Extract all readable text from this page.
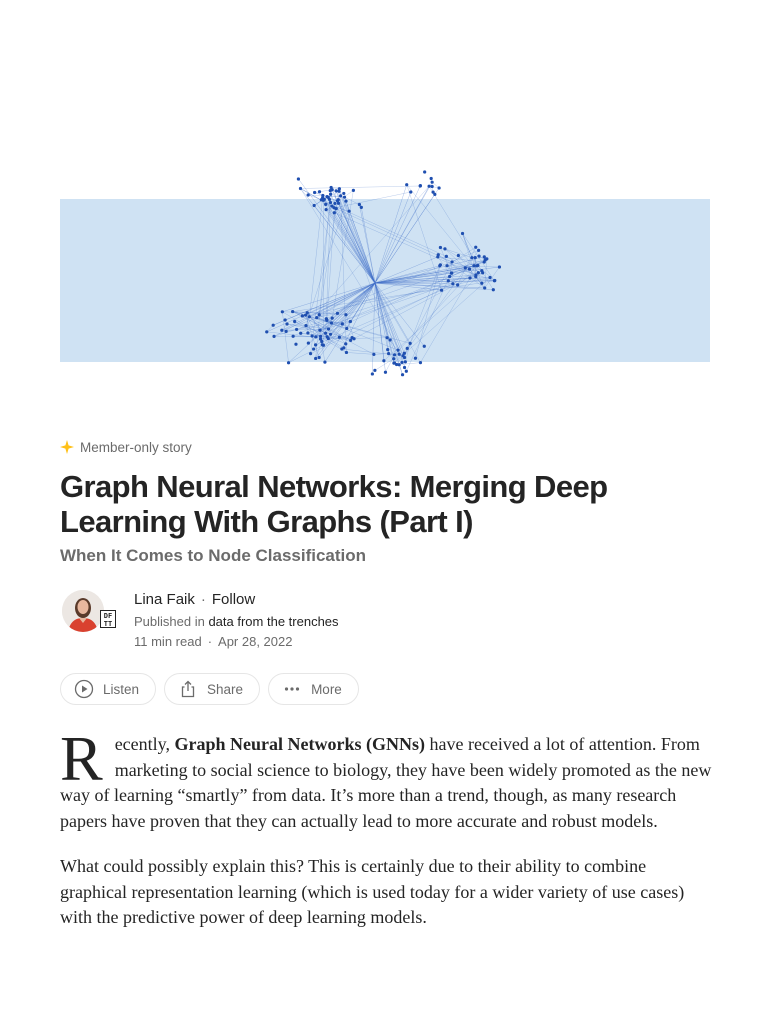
Member-only story
Graph Neural Networks: Merging Deep Learning With Graphs (Part I)
When It Comes to Node Classification
DF TT
Lina Faik · Follow
Published in data from the trenches
11 min read · Apr 28, 2022
Listen	Share	More

Recently, Graph Neural Networks (GNNs) have received a lot of attention. From marketing to social science to biology, they have been widely promoted as the new way of learning “smartly” from data. It’s more than a trend, though, as many research papers have proven that they can actually lead to more accurate and robust models.

What could possibly explain this? This is certainly due to their ability to combine graphical representation learning (which is used today for a wider variety of use cases) with the predictive power of deep learning models.
